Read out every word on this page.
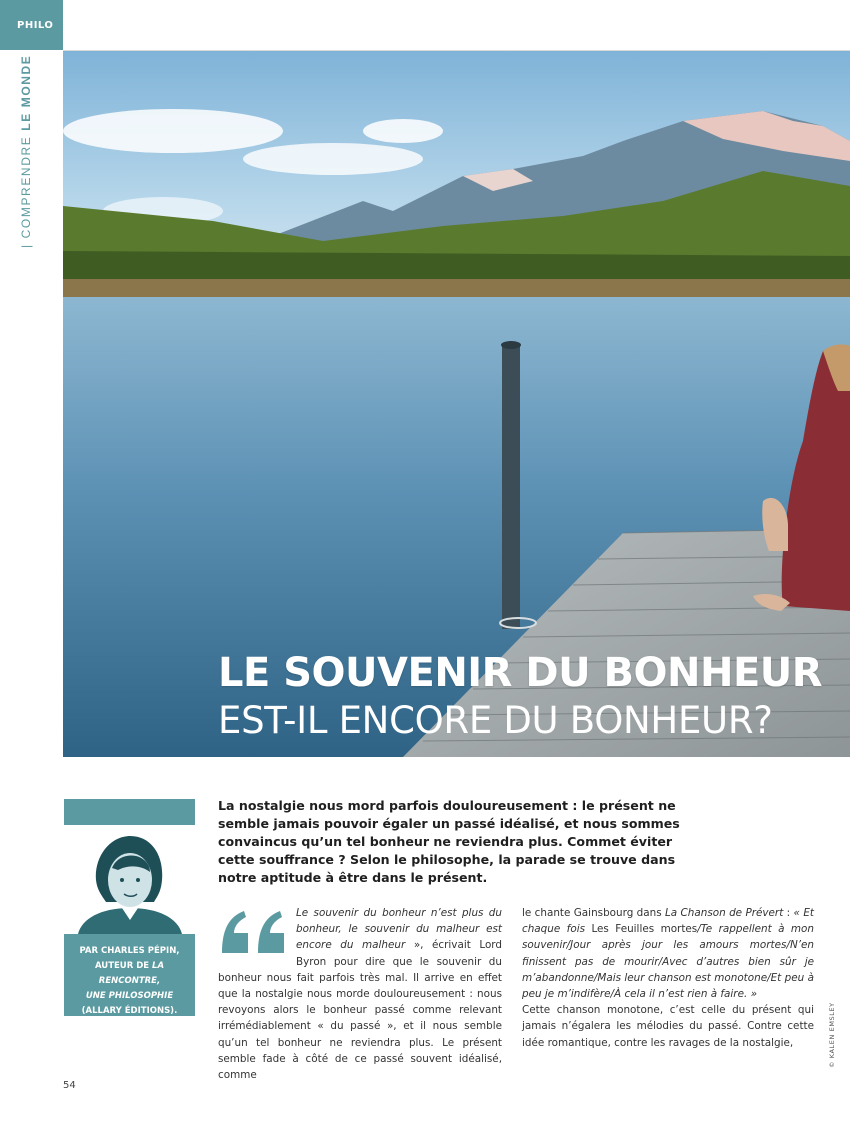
PHILO
| COMPRENDRE LE MONDE |
LE SOUVENIR DU BONHEUR
EST-IL ENCORE DU BONHEUR?
PAR CHARLES PÉPIN,
AUTEUR DE LA RENCONTRE,
UNE PHILOSOPHIE
(ALLARY ÉDITIONS).

La nostalgie nous mord parfois douloureusement : le présent ne semble jamais pouvoir égaler un passé idéalisé, et nous sommes convaincus qu’un tel bonheur ne reviendra plus. Commet éviter cette souffrance ? Selon le philosophe, la parade se trouve dans notre aptitude à être dans le présent.

Le souvenir du bonheur n’est plus du bonheur, le souvenir du malheur est encore du malheur », écrivait Lord Byron pour dire que le souvenir du bonheur nous fait parfois très mal. Il arrive en effet que la nostalgie nous morde douloureusement : nous revoyons alors le bonheur passé comme relevant irrémédiablement « du passé », et il nous semble qu’un tel bonheur ne reviendra plus. Le présent semble fade à côté de ce passé souvent idéalisé, comme

le chante Gainsbourg dans La Chanson de Prévert : « Et chaque fois Les Feuilles mortes/Te rappellent à mon souvenir/Jour après jour les amours mortes/N’en finissent pas de mourir/Avec d’autres bien sûr je m’abandonne/Mais leur chanson est monotone/Et peu à peu je m’indifère/À cela il n’est rien à faire. »

Cette chanson monotone, c’est celle du présent qui jamais n’égalera les mélodies du passé. Contre cette idée romantique, contre les ravages de la nostalgie,	© KALEN EMSLEY
54
